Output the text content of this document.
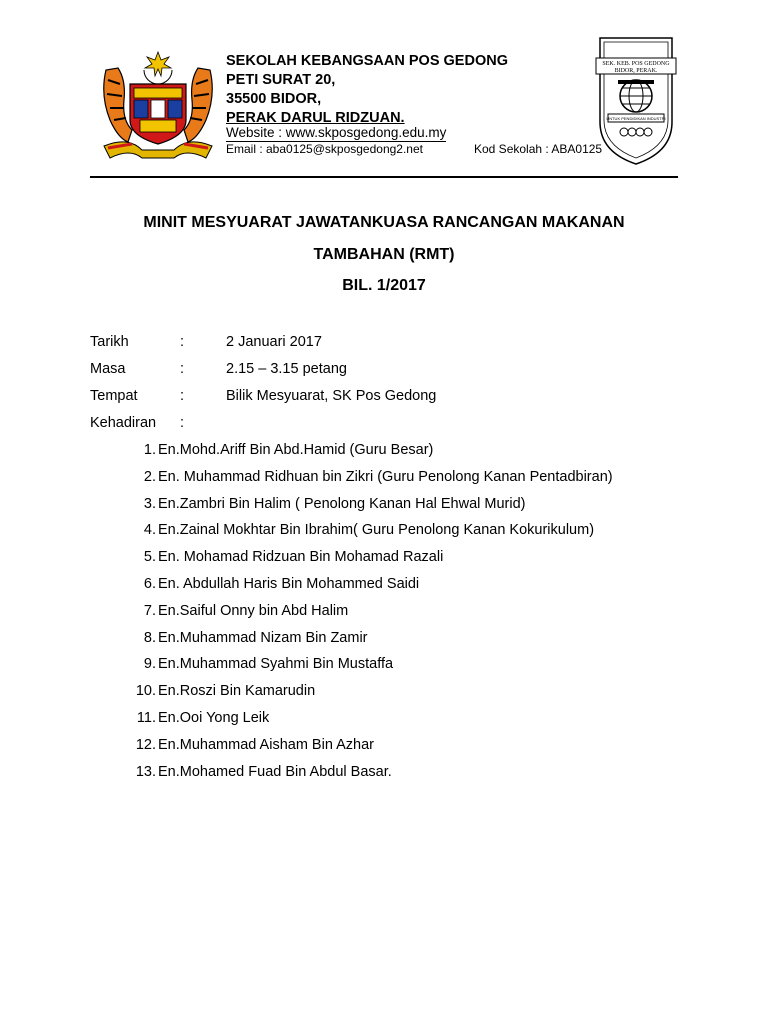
SEK. KEB. POS GEDONG
BIDOR, PERAK.
UNTUK PENDIDIKAN INDUSTRI
SEKOLAH KEBANGSAAN POS GEDONG
PETI SURAT 20,
35500 BIDOR,
PERAK DARUL RIDZUAN.
Website : www.skposgedong.edu.my
Email : aba0125@skposgedong2.net	Kod Sekolah : ABA0125
MINIT MESYUARAT JAWATANKUASA RANCANGAN MAKANAN
TAMBAHAN (RMT)
BIL. 1/2017
Tarikh	:	2 Januari 2017
Masa	:	2.15 – 3.15 petang
Tempat	:	Bilik Mesyuarat, SK Pos Gedong
Kehadiran :
1. En.Mohd.Ariff Bin Abd.Hamid (Guru Besar)
2. En. Muhammad Ridhuan bin Zikri (Guru Penolong Kanan Pentadbiran)
3. En.Zambri Bin Halim ( Penolong Kanan Hal Ehwal Murid)
4. En.Zainal Mokhtar Bin Ibrahim( Guru Penolong Kanan Kokurikulum)
5. En. Mohamad Ridzuan Bin Mohamad Razali
6. En. Abdullah Haris Bin Mohammed Saidi
7. En.Saiful Onny bin Abd Halim
8. En.Muhammad Nizam Bin Zamir
9. En.Muhammad Syahmi Bin Mustaffa
10. En.Roszi Bin Kamarudin
11. En.Ooi Yong Leik
12. En.Muhammad Aisham Bin Azhar
13. En.Mohamed Fuad Bin Abdul Basar.
